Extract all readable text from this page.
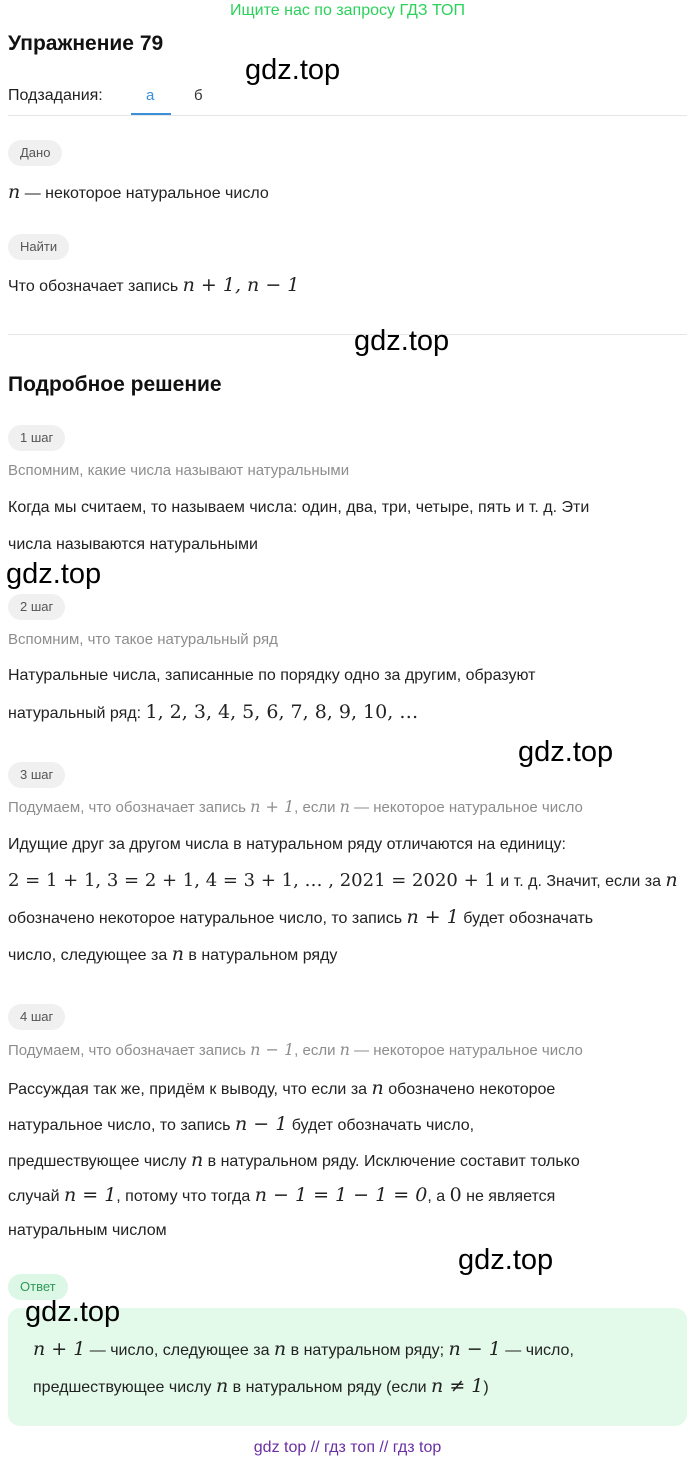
Ищите нас по запросу ГДЗ ТОП
Упражнение 79
gdz.top
Подзадания:	а	б
Дано
n — некоторое натуральное число
Найти
Что обозначает запись n + 1, n − 1
gdz.top
Подробное решение
1 шаг
Вспомним, какие числа называют натуральными
Когда мы считаем, то называем числа: один, два, три, четыре, пять и т. д. Эти
числа называются натуральными
gdz.top
2 шаг
Вспомним, что такое натуральный ряд
Натуральные числа, записанные по порядку одно за другим, образуют
натуральный ряд: 1, 2, 3, 4, 5, 6, 7, 8, 9, 10, …
gdz.top
3 шаг
Подумаем, что обозначает запись n + 1, если n — некоторое натуральное число
Идущие друг за другом числа в натуральном ряду отличаются на единицу:
2 = 1 + 1, 3 = 2 + 1, 4 = 3 + 1, … , 2021 = 2020 + 1 и т. д. Значит, если за n
обозначено некоторое натуральное число, то запись n + 1 будет обозначать
число, следующее за n в натуральном ряду
4 шаг
Подумаем, что обозначает запись n − 1, если n — некоторое натуральное число
Рассуждая так же, придём к выводу, что если за n обозначено некоторое
натуральное число, то запись n − 1 будет обозначать число,
предшествующее числу n в натуральном ряду. Исключение составит только
случай n = 1, потому что тогда n − 1 = 1 − 1 = 0, а 0 не является
натуральным числом
gdz.top
Ответ
gdz.top
n + 1 — число, следующее за n в натуральном ряду; n − 1 — число,
предшествующее числу n в натуральном ряду (если n ≠ 1)
gdz top // гдз топ // гдз top
